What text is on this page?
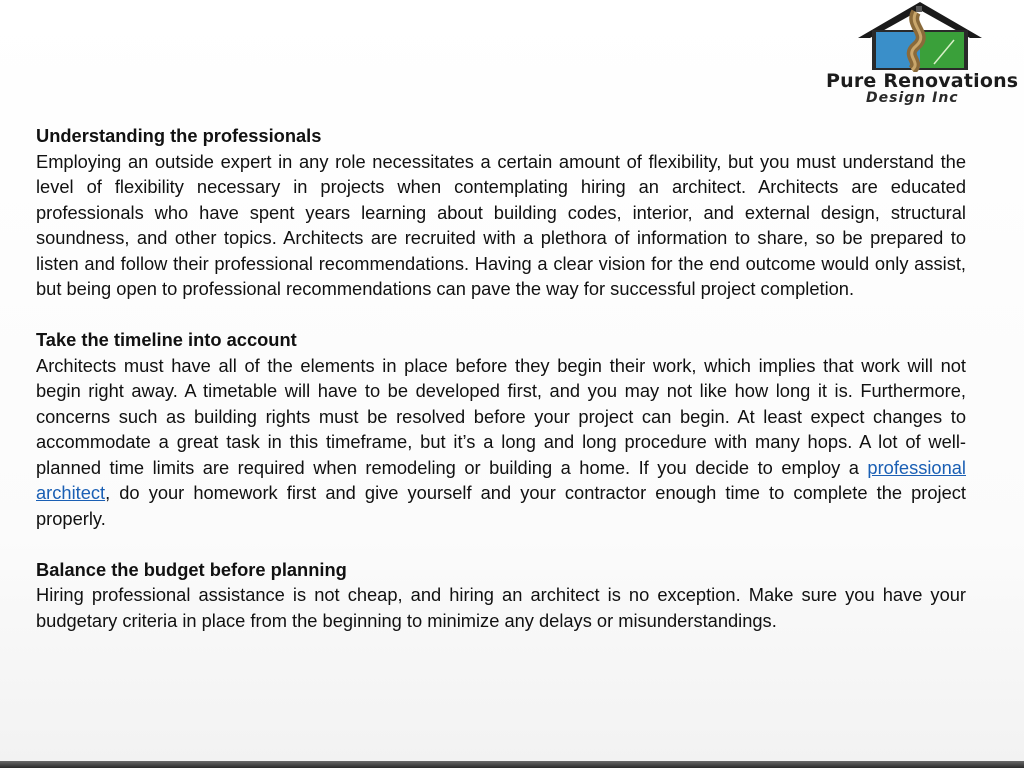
Pure Renovations
Design Inc

Understanding the professionals

Employing an outside expert in any role necessitates a certain amount of flexibility, but you must understand the level of flexibility necessary in projects when contemplating hiring an architect. Architects are educated professionals who have spent years learning about building codes, interior, and external design, structural soundness, and other topics. Architects are recruited with a plethora of information to share, so be prepared to listen and follow their professional recommendations. Having a clear vision for the end outcome would only assist, but being open to professional recommendations can pave the way for successful project completion.

Take the timeline into account

Architects must have all of the elements in place before they begin their work, which implies that work will not begin right away. A timetable will have to be developed first, and you may not like how long it is. Furthermore, concerns such as building rights must be resolved before your project can begin. At least expect changes to accommodate a great task in this timeframe, but it’s a long and long procedure with many hops. A lot of well-planned time limits are required when remodeling or building a home. If you decide to employ a professional architect, do your homework first and give yourself and your contractor enough time to complete the project properly.

Balance the budget before planning

Hiring professional assistance is not cheap, and hiring an architect is no exception. Make sure you have your budgetary criteria in place from the beginning to minimize any delays or misunderstandings.
